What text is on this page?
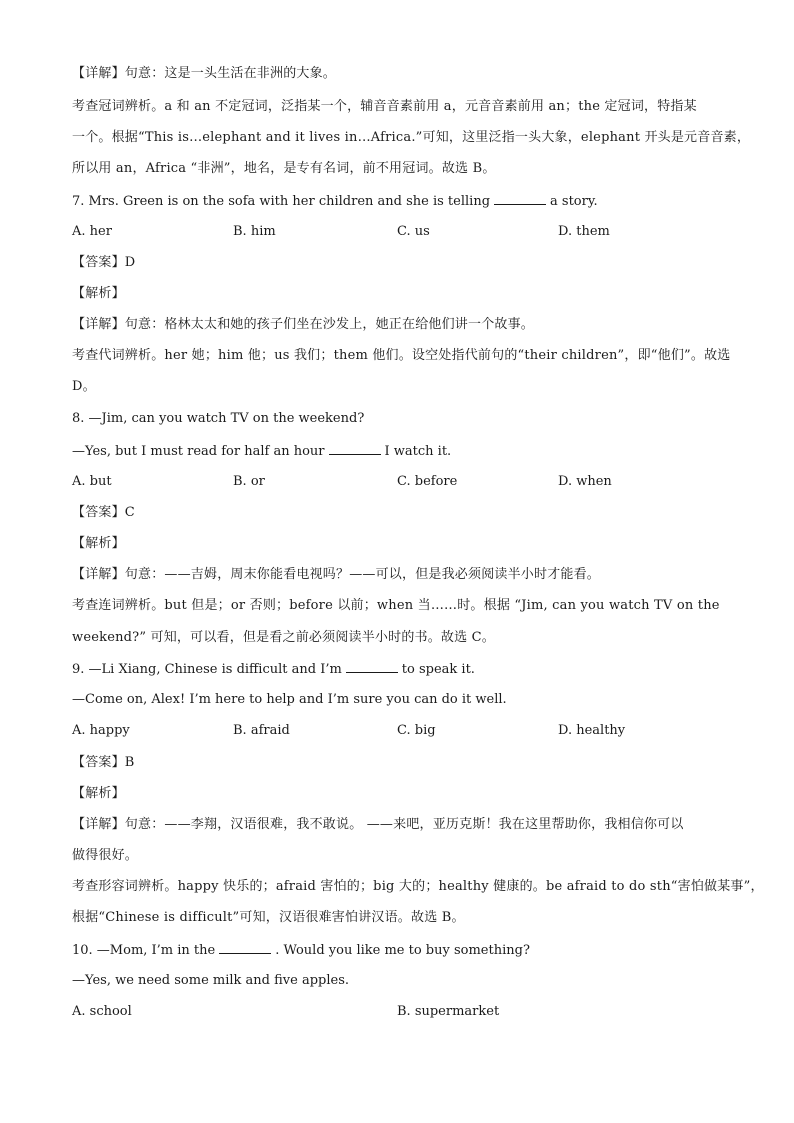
【详解】句意：这是一头生活在非洲的大象。
考查冠词辨析。a 和 an 不定冠词，泛指某一个，辅音音素前用 a，元音音素前用 an；the 定冠词，特指某
一个。根据“This is…elephant and it lives in…Africa.”可知，这里泛指一头大象，elephant 开头是元音音素，
所以用 an，Africa “非洲”，地名，是专有名词，前不用冠词。故选 B。
7. Mrs. Green is on the sofa with her children and she is telling	a story.
A. her	B. him	C. us	D. them
【答案】D
【解析】
【详解】句意：格林太太和她的孩子们坐在沙发上，她正在给他们讲一个故事。
考查代词辨析。her 她；him 他；us 我们；them 他们。设空处指代前句的“their children”，即“他们”。故选
D。
8. —Jim, can you watch TV on the weekend?
—Yes, but I must read for half an hour	I watch it.
A. but	B. or	C. before	D. when
【答案】C
【解析】
【详解】句意：——吉姆，周末你能看电视吗？——可以，但是我必须阅读半小时才能看。
考查连词辨析。but 但是；or 否则；before 以前；when 当……时。根据 “Jim, can you watch TV on the
weekend?” 可知，可以看，但是看之前必须阅读半小时的书。故选 C。
9. —Li Xiang, Chinese is difficult and I’m	to speak it.
—Come on, Alex! I’m here to help and I’m sure you can do it well.
A. happy	B. afraid	C. big	D. healthy
【答案】B
【解析】
【详解】句意：——李翔，汉语很难，我不敢说。 ——来吧，亚历克斯！我在这里帮助你，我相信你可以
做得很好。
考查形容词辨析。happy 快乐的；afraid 害怕的；big 大的；healthy 健康的。be afraid to do sth“害怕做某事”，
根据“Chinese is difficult”可知，汉语很难害怕讲汉语。故选 B。
10. —Mom, I’m in the	. Would you like me to buy something?
—Yes, we need some milk and five apples.
A. school	B. supermarket
